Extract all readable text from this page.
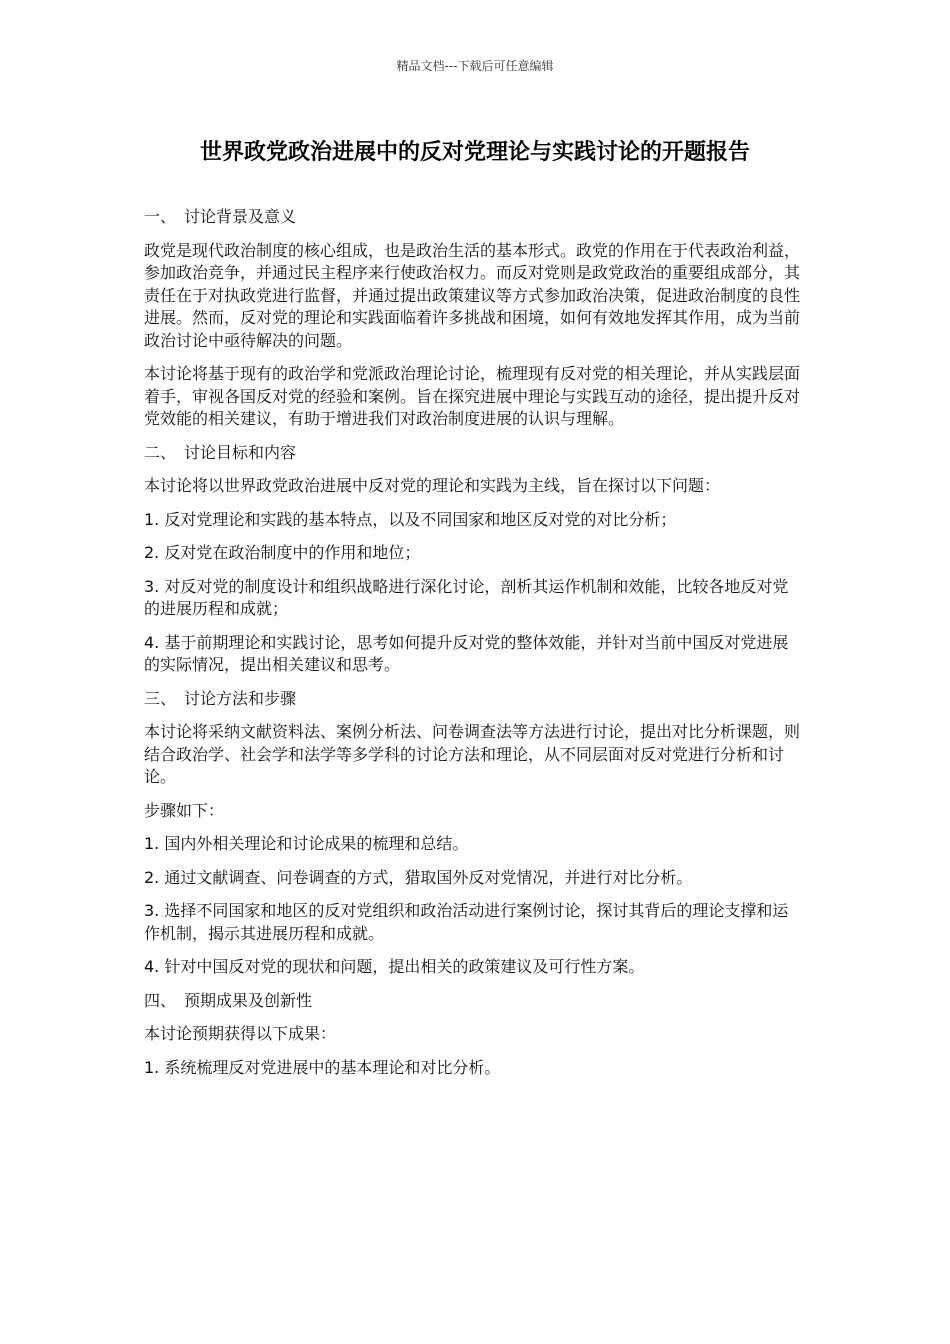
精品文档---下载后可任意编辑
世界政党政治进展中的反对党理论与实践讨论的开题报告
一、 讨论背景及意义

政党是现代政治制度的核心组成，也是政治生活的基本形式。政党的作用在于代表政治利益，参加政治竞争，并通过民主程序来行使政治权力。而反对党则是政党政治的重要组成部分，其责任在于对执政党进行监督，并通过提出政策建议等方式参加政治决策，促进政治制度的良性进展。然而，反对党的理论和实践面临着许多挑战和困境，如何有效地发挥其作用，成为当前政治讨论中亟待解决的问题。

本讨论将基于现有的政治学和党派政治理论讨论，梳理现有反对党的相关理论，并从实践层面着手，审视各国反对党的经验和案例。旨在探究进展中理论与实践互动的途径，提出提升反对党效能的相关建议，有助于增进我们对政治制度进展的认识与理解。

二、 讨论目标和内容

本讨论将以世界政党政治进展中反对党的理论和实践为主线，旨在探讨以下问题：

1. 反对党理论和实践的基本特点，以及不同国家和地区反对党的对比分析；

2. 反对党在政治制度中的作用和地位；

3. 对反对党的制度设计和组织战略进行深化讨论，剖析其运作机制和效能，比较各地反对党的进展历程和成就；

4. 基于前期理论和实践讨论，思考如何提升反对党的整体效能，并针对当前中国反对党进展的实际情况，提出相关建议和思考。

三、 讨论方法和步骤

本讨论将采纳文献资料法、案例分析法、问卷调查法等方法进行讨论，提出对比分析课题，则结合政治学、社会学和法学等多学科的讨论方法和理论，从不同层面对反对党进行分析和讨论。

步骤如下：

1. 国内外相关理论和讨论成果的梳理和总结。

2. 通过文献调查、问卷调查的方式，猎取国外反对党情况，并进行对比分析。

3. 选择不同国家和地区的反对党组织和政治活动进行案例讨论，探讨其背后的理论支撑和运作机制，揭示其进展历程和成就。

4. 针对中国反对党的现状和问题，提出相关的政策建议及可行性方案。

四、 预期成果及创新性

本讨论预期获得以下成果：

1. 系统梳理反对党进展中的基本理论和对比分析。
